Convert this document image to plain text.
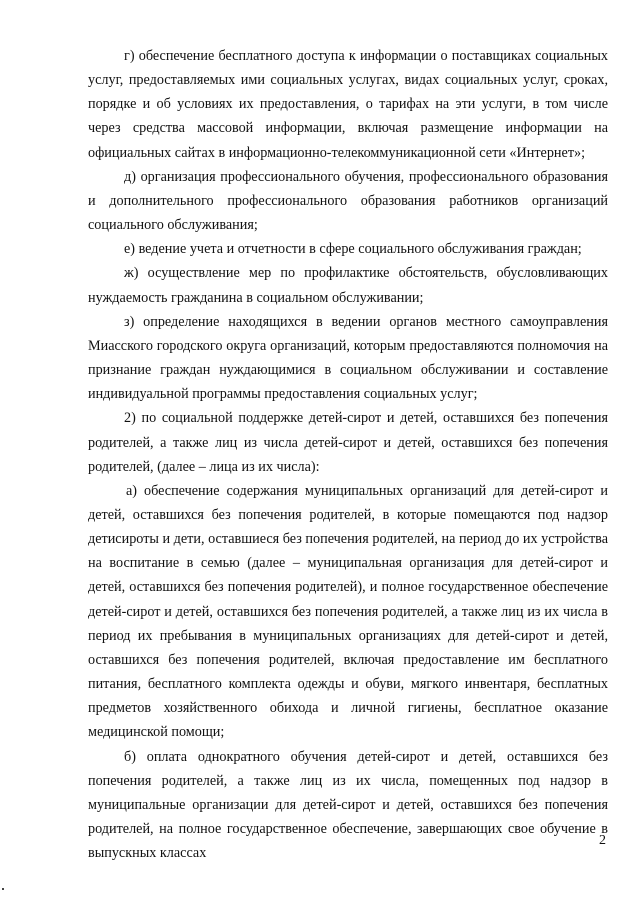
г) обеспечение бесплатного доступа к информации о поставщиках социальных услуг, предоставляемых ими социальных услугах, видах социальных услуг, сроках, порядке и об условиях их предоставления, о тарифах на эти услуги, в том числе через средства массовой информации, включая размещение информации на официальных сайтах в информационно-телекоммуникационной сети «Интернет»;

д) организация профессионального обучения, профессионального образования и дополнительного профессионального образования работников организаций социального обслуживания;

е) ведение учета и отчетности в сфере социального обслуживания граждан;

ж) осуществление мер по профилактике обстоятельств, обусловливающих нуждаемость гражданина в социальном обслуживании;

з) определение находящихся в ведении органов местного самоуправления Миасского городского округа организаций, которым предоставляются полномочия на признание граждан нуждающимися в социальном обслуживании и составление индивидуальной программы предоставления социальных услуг;

2) по социальной поддержке детей-сирот и детей, оставшихся без попечения родителей, а также лиц из числа детей-сирот и детей, оставшихся без попечения родителей, (далее – лица из их числа):

а) обеспечение содержания муниципальных организаций для детей-сирот и детей, оставшихся без попечения родителей, в которые помещаются под надзор детисироты и дети, оставшиеся без попечения родителей, на период до их устройства на воспитание в семью (далее – муниципальная организация для детей-сирот и детей, оставшихся без попечения родителей), и полное государственное обеспечение детей-сирот и детей, оставшихся без попечения родителей, а также лиц из их числа в период их пребывания в муниципальных организациях для детей-сирот и детей, оставшихся без попечения родителей, включая предоставление им бесплатного питания, бесплатного комплекта одежды и обуви, мягкого инвентаря, бесплатных предметов хозяйственного обихода и личной гигиены, бесплатное оказание медицинской помощи;

б) оплата однократного обучения детей-сирот и детей, оставшихся без попечения родителей, а также лиц из их числа, помещенных под надзор в муниципальные организации для детей-сирот и детей, оставшихся без попечения родителей, на полное государственное обеспечение, завершающих свое обучение в выпускных классах

2
